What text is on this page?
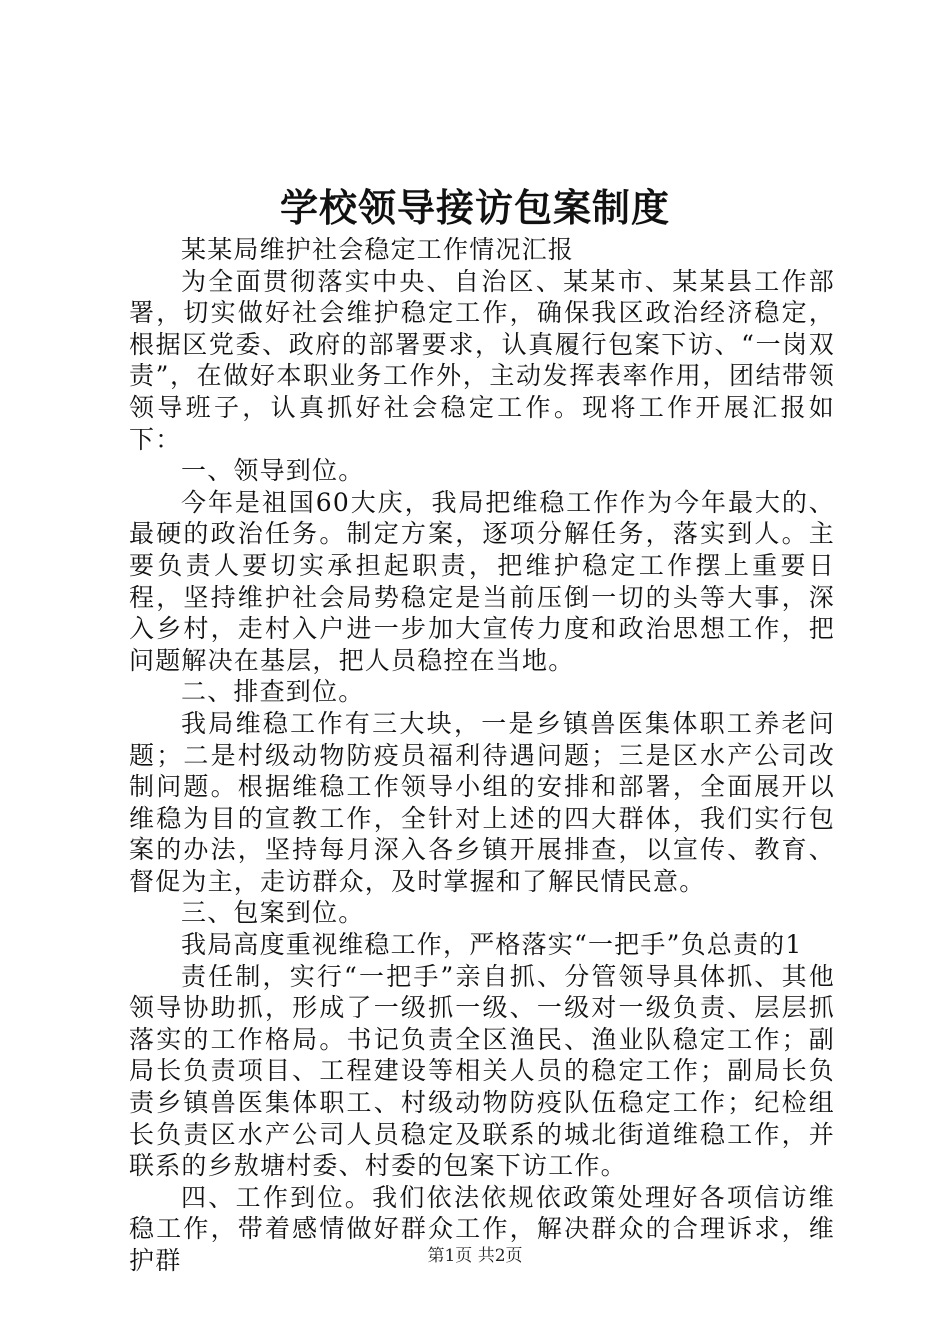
学校领导接访包案制度

某某局维护社会稳定工作情况汇报

为全面贯彻落实中央、自治区、某某市、某某县工作部署，切实做好社会维护稳定工作，确保我区政治经济稳定，根据区党委、政府的部署要求，认真履行包案下访、“一岗双责”，在做好本职业务工作外，主动发挥表率作用，团结带领领导班子，认真抓好社会稳定工作。现将工作开展汇报如下：

一、领导到位。

今年是祖国60大庆，我局把维稳工作作为今年最大的、最硬的政治任务。制定方案，逐项分解任务，落实到人。主要负责人要切实承担起职责，把维护稳定工作摆上重要日程，坚持维护社会局势稳定是当前压倒一切的头等大事，深入乡村，走村入户进一步加大宣传力度和政治思想工作，把问题解决在基层，把人员稳控在当地。

二、排查到位。

我局维稳工作有三大块，一是乡镇兽医集体职工养老问题；二是村级动物防疫员福利待遇问题；三是区水产公司改制问题。根据维稳工作领导小组的安排和部署，全面展开以维稳为目的宣教工作，全针对上述的四大群体，我们实行包案的办法，坚持每月深入各乡镇开展排查，以宣传、教育、督促为主，走访群众，及时掌握和了解民情民意。

三、包案到位。

我局高度重视维稳工作，严格落实“一把手”负总责的1

责任制，实行“一把手”亲自抓、分管领导具体抓、其他领导协助抓，形成了一级抓一级、一级对一级负责、层层抓落实的工作格局。书记负责全区渔民、渔业队稳定工作；副局长负责项目、工程建设等相关人员的稳定工作；副局长负责乡镇兽医集体职工、村级动物防疫队伍稳定工作；纪检组长负责区水产公司人员稳定及联系的城北街道维稳工作，并联系的乡敖塘村委、村委的包案下访工作。

四、工作到位。我们依法依规依政策处理好各项信访维稳工作，带着感情做好群众工作，解决群众的合理诉求，维护群	第1页 共2页
